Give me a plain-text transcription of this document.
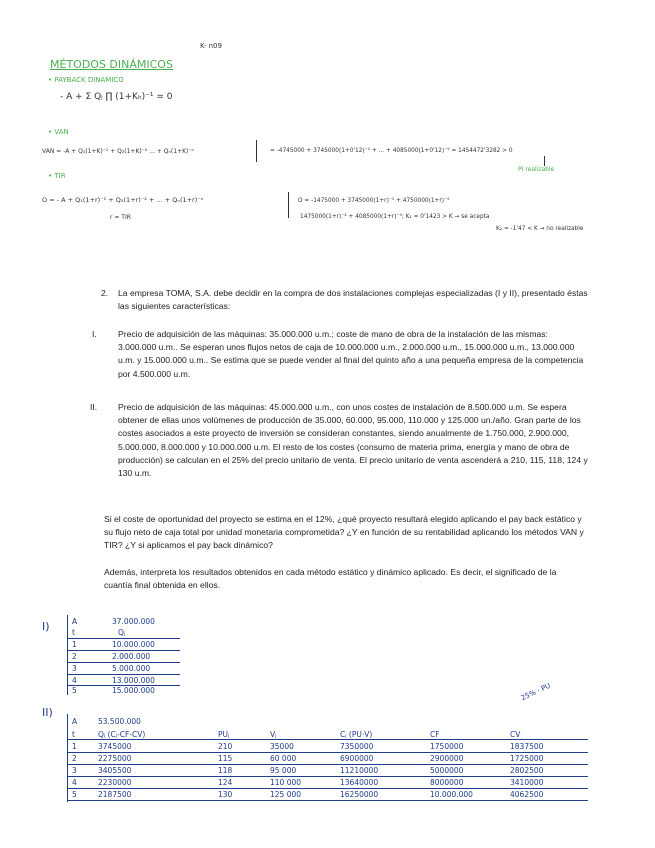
MÉTODOS DINÁMICOS
K- n09
• PAYBACK DINÁMICO
- A + Σ Qⱼ ∏ (1+Kₕ)⁻¹ = 0
• VAN
VAN = -A + Q₁(1+K)⁻¹ + Q₂(1+K)⁻² ... + Qₙ(1+K)⁻ⁿ	= -4745000 + 3745000(1+0'12)⁻¹ + ... + 4085000(1+0'12)⁻⁵ = 1454472'3282 > 0
PI realizable
• TIR
O = - A + Q₁(1+r)⁻¹ + Q₂(1+r)⁻² + ... + Qₙ(1+r)⁻ⁿ
r = TIR
O = -1475000 + 3745000(1+r)⁻¹ + 4750000(1+r)⁻⁵
1475000(1+r)⁻² + 4085000(1+r)⁻⁵; K₁ = 0'1423 > K → se acepta
K₂ = -1'47 < K → no realizable
2. La empresa TOMA, S.A. debe decidir en la compra de dos instalaciones complejas especializadas (I y II), presentado éstas las siguientes características:
I. Precio de adquisición de las máquinas: 35.000.000 u.m.; coste de mano de obra de la instalación de las mismas: 3.000.000 u.m.. Se esperan unos flujos netos de caja de 10.000.000 u.m., 2.000.000 u.m., 15.000.000 u.m., 13.000.000 u.m. y 15.000.000 u.m.. Se estima que se puede vender al final del quinto año a una pequeña empresa de la competencia por 4.500.000 u.m.
II. Precio de adquisición de las máquinas: 45.000.000 u.m., con unos costes de instalación de 8.500.000 u.m. Se espera obtener de ellas unos volúmenes de producción de 35.000, 60.000, 95.000, 110.000 y 125.000 un./año. Gran parte de los costes asociados a este proyecto de inversión se consideran constantes, siendo anualmente de 1.750.000, 2.900.000, 5.000.000, 8.000.000 y 10.000.000 u.m. El resto de los costes (consumo de materia prima, energía y mano de obra de producción) se calculan en el 25% del precio unitario de venta. El precio unitario de venta ascenderá a 210, 115, 118, 124 y 130 u.m.
Si el coste de oportunidad del proyecto se estima en el 12%, ¿qué proyecto resultará elegido aplicando el pay back estático y su flujo neto de caja total por unidad monetaria comprometida? ¿Y en función de su rentabilidad aplicando los métodos VAN y TIR? ¿Y si aplicamos el pay back dinámico?
Además, interpreta los resultados obtenidos en cada método estático y dinámico aplicado. Es decir, el significado de la cuantía final obtenida en ellos.
I)	A	37.000.000
t	Qⱼ
1	10.000.000
2	2.000.000
3	5.000.000
4	13.000.000
5	15.000.000
II)
25% · PU
A	53.500.000
t	Qⱼ (Cⱼ-CF-CV)	PUⱼ	Vⱼ	Cⱼ (PU·V)	CF	CV
1	3745000	210	35000	7350000	1750000	1837500
2	2275000	115	60 000	6900000	2900000	1725000
3	3405500	118	95 000	11210000	5000000	2802500
4	2230000	124	110 000	13640000	8000000	3410000
5	2187500	130	125 000	16250000	10.000.000	4062500
